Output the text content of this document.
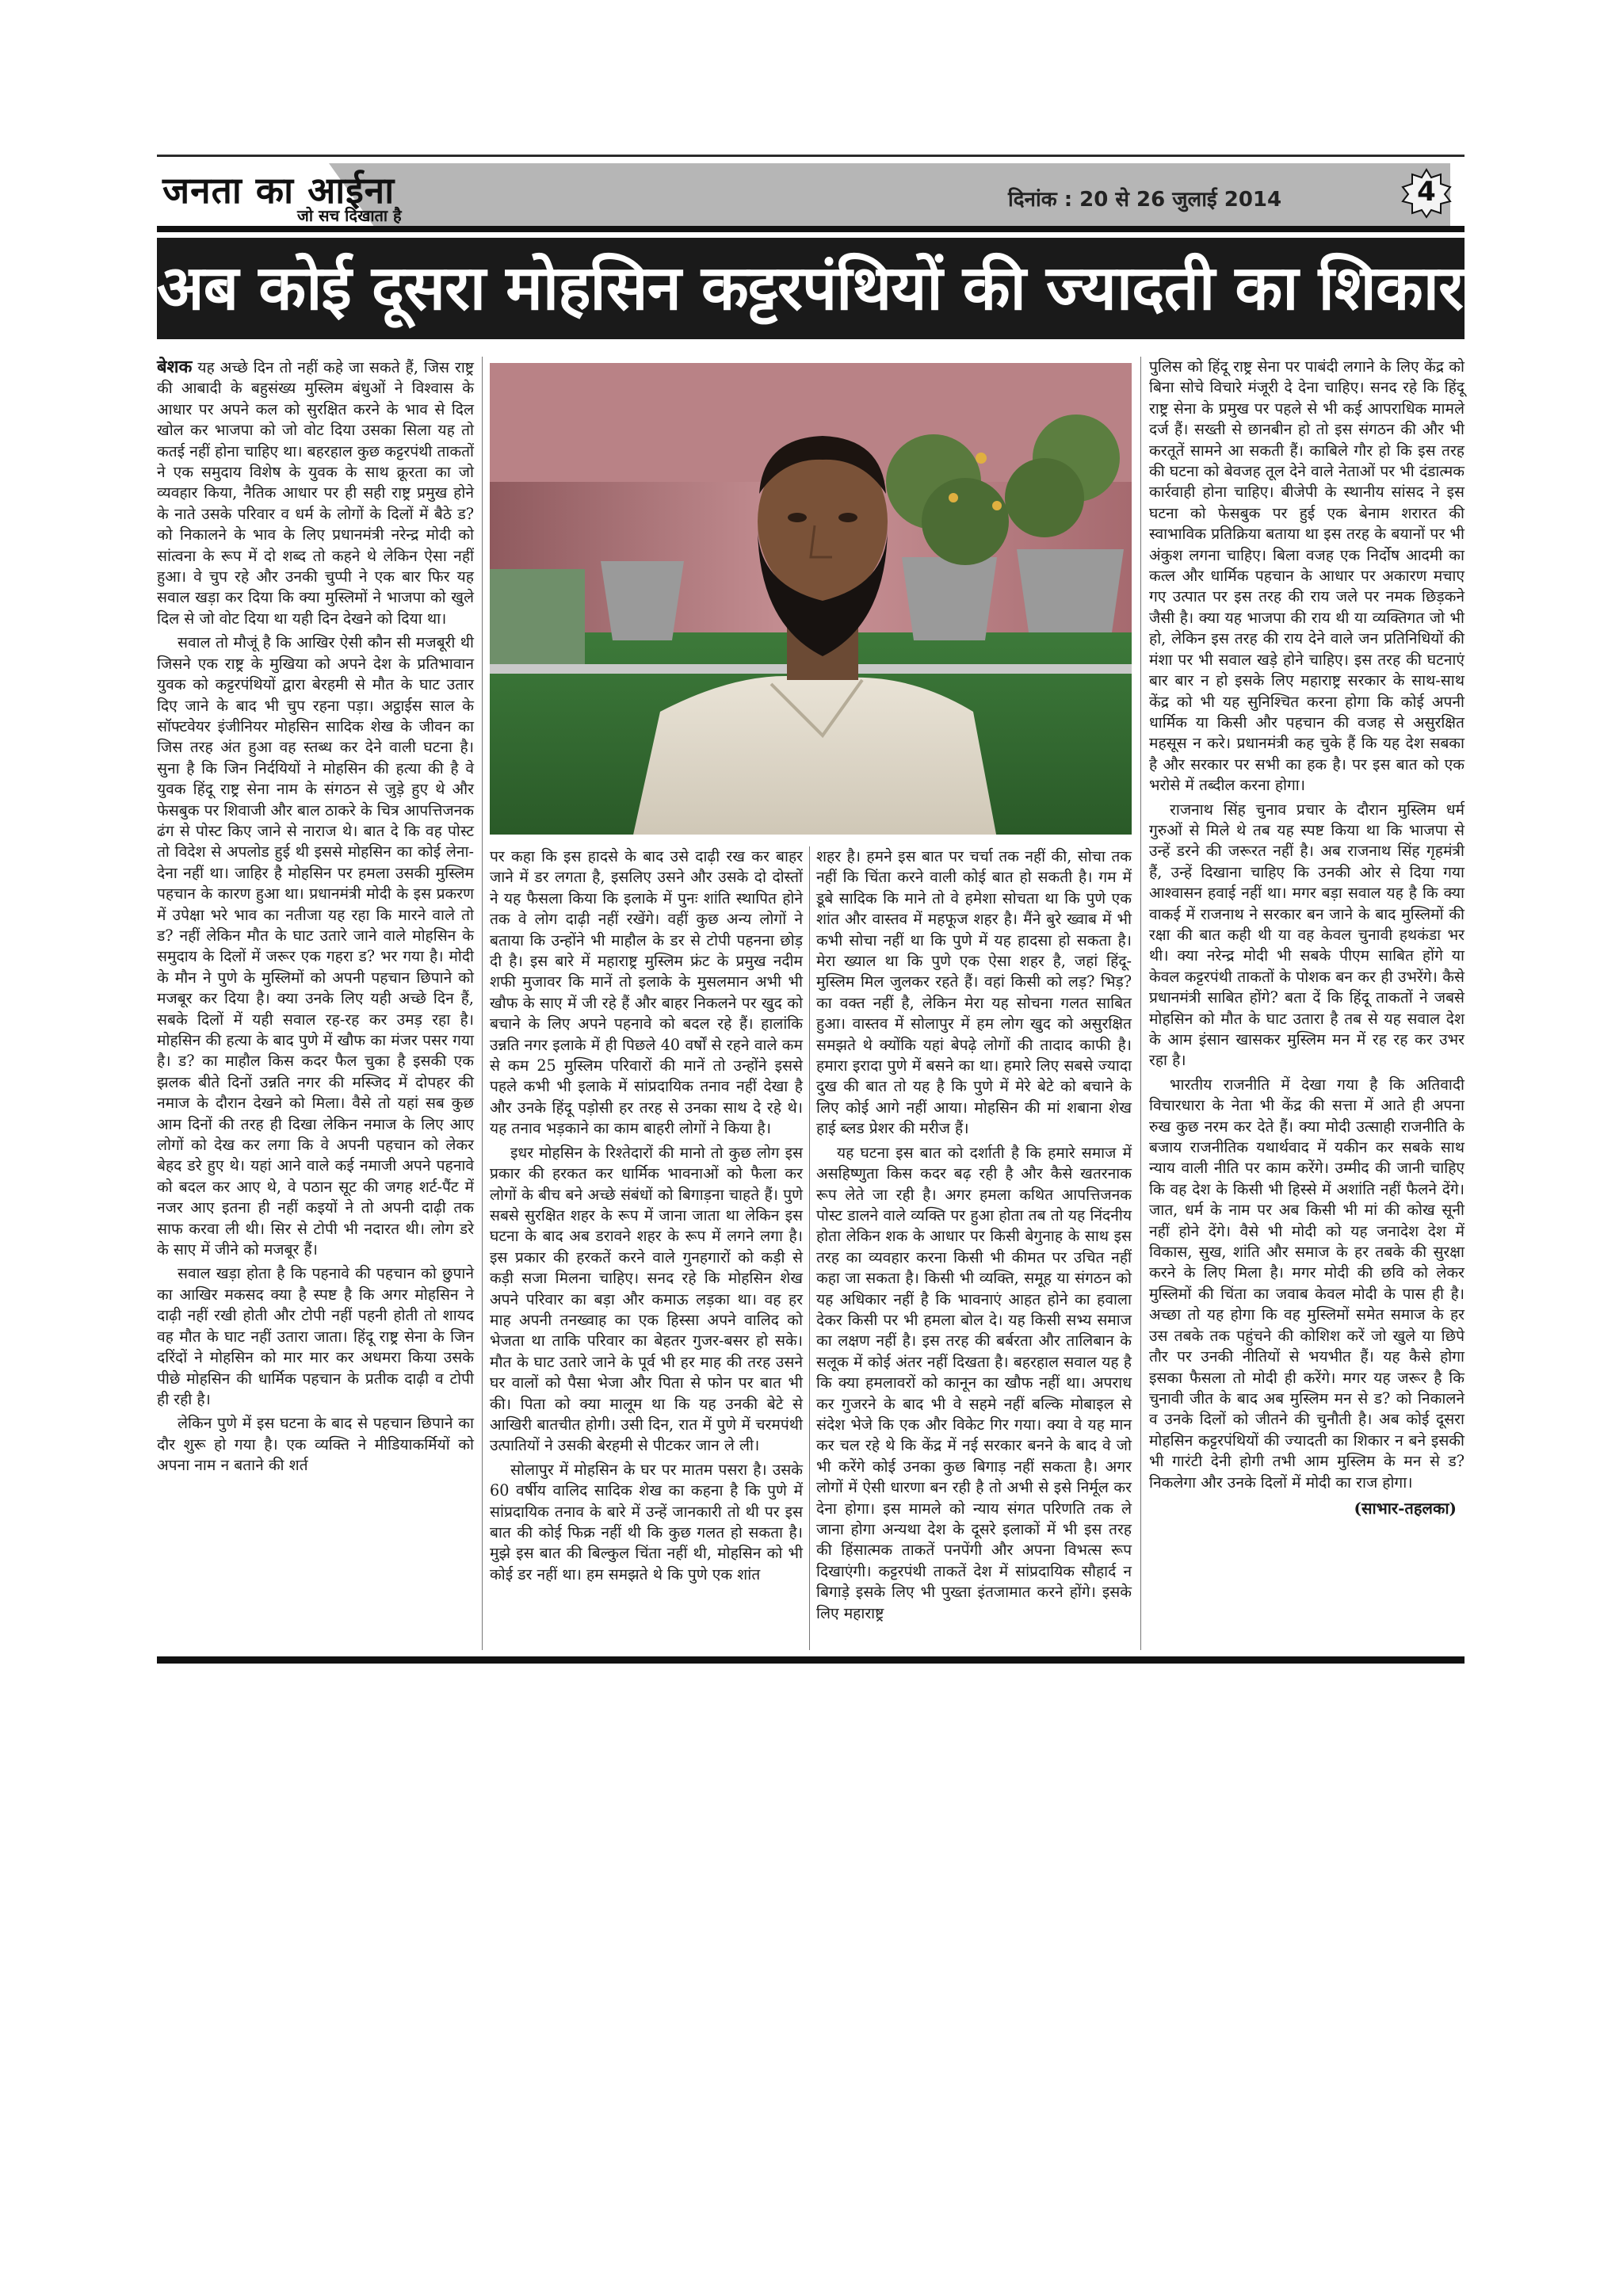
जनता का आईना
जो सच दिखाता है
दिनांक : 20 से 26 जुलाई 2014	4
अब कोई दूसरा मोहसिन कट्टरपंथियों की ज्यादती का शिकार न बने

बेशक यह अच्छे दिन तो नहीं कहे जा सकते हैं, जिस राष्ट्र की आबादी के बहुसंख्य मुस्लिम बंधुओं ने विश्वास के आधार पर अपने कल को सुरक्षित करने के भाव से दिल खोल कर भाजपा को जो वोट दिया उसका सिला यह तो कतई नहीं होना चाहिए था। बहरहाल कुछ कट्टरपंथी ताकतों ने एक समुदाय विशेष के युवक के साथ क्रूरता का जो व्यवहार किया, नैतिक आधार पर ही सही राष्ट्र प्रमुख होने के नाते उसके परिवार व धर्म के लोगों के दिलों में बैठे ड? को निकालने के भाव के लिए प्रधानमंत्री नरेन्द्र मोदी को सांत्वना के रूप में दो शब्द तो कहने थे लेकिन ऐसा नहीं हुआ। वे चुप रहे और उनकी चुप्पी ने एक बार फिर यह सवाल खड़ा कर दिया कि क्या मुस्लिमों ने भाजपा को खुले दिल से जो वोट दिया था यही दिन देखने को दिया था।

सवाल तो मौजूं है कि आखिर ऐसी कौन सी मजबूरी थी जिसने एक राष्ट्र के मुखिया को अपने देश के प्रतिभावान युवक को कट्टरपंथियों द्वारा बेरहमी से मौत के घाट उतार दिए जाने के बाद भी चुप रहना पड़ा। अट्ठाईस साल के सॉफ्टवेयर इंजीनियर मोहसिन सादिक शेख के जीवन का जिस तरह अंत हुआ वह स्तब्ध कर देने वाली घटना है। सुना है कि जिन निर्दयियों ने मोहसिन की हत्या की है वे युवक हिंदू राष्ट्र सेना नाम के संगठन से जुड़े हुए थे और फेसबुक पर शिवाजी और बाल ठाकरे के चित्र आपत्तिजनक ढंग से पोस्ट किए जाने से नाराज थे। बात दे कि वह पोस्ट तो विदेश से अपलोड हुई थी इससे मोहसिन का कोई लेना-देना नहीं था। जाहिर है मोहसिन पर हमला उसकी मुस्लिम पहचान के कारण हुआ था। प्रधानमंत्री मोदी के इस प्रकरण में उपेक्षा भरे भाव का नतीजा यह रहा कि मारने वाले तो ड? नहीं लेकिन मौत के घाट उतारे जाने वाले मोहसिन के समुदाय के दिलों में जरूर एक गहरा ड? भर गया है। मोदी के मौन ने पुणे के मुस्लिमों को अपनी पहचान छिपाने को मजबूर कर दिया है। क्या उनके लिए यही अच्छे दिन हैं, सबके दिलों में यही सवाल रह-रह कर उमड़ रहा है। मोहसिन की हत्या के बाद पुणे में खौफ का मंजर पसर गया है। ड? का माहौल किस कदर फैल चुका है इसकी एक झलक बीते दिनों उन्नति नगर की मस्जिद में दोपहर की नमाज के दौरान देखने को मिला। वैसे तो यहां सब कुछ आम दिनों की तरह ही दिखा लेकिन नमाज के लिए आए लोगों को देख कर लगा कि वे अपनी पहचान को लेकर बेहद डरे हुए थे। यहां आने वाले कई नमाजी अपने पहनावे को बदल कर आए थे, वे पठान सूट की जगह शर्ट-पैंट में नजर आए इतना ही नहीं कइयों ने तो अपनी दाढ़ी तक साफ करवा ली थी। सिर से टोपी भी नदारत थी। लोग डरे के साए में जीने को मजबूर हैं।

सवाल खड़ा होता है कि पहनावे की पहचान को छुपाने का आखिर मकसद क्या है स्पष्ट है कि अगर मोहसिन ने दाढ़ी नहीं रखी होती और टोपी नहीं पहनी होती तो शायद वह मौत के घाट नहीं उतारा जाता। हिंदू राष्ट्र सेना के जिन दरिंदों ने मोहसिन को मार मार कर अधमरा किया उसके पीछे मोहसिन की धार्मिक पहचान के प्रतीक दाढ़ी व टोपी ही रही है।

लेकिन पुणे में इस घटना के बाद से पहचान छिपाने का दौर शुरू हो गया है। एक व्यक्ति ने मीडियाकर्मियों को अपना नाम न बताने की शर्त

पर कहा कि इस हादसे के बाद उसे दाढ़ी रख कर बाहर जाने में डर लगता है, इसलिए उसने और उसके दो दोस्तों ने यह फैसला किया कि इलाके में पुनः शांति स्थापित होने तक वे लोग दाढ़ी नहीं रखेंगे। वहीं कुछ अन्य लोगों ने बताया कि उन्होंने भी माहौल के डर से टोपी पहनना छोड़ दी है। इस बारे में महाराष्ट्र मुस्लिम फ्रंट के प्रमुख नदीम शफी मुजावर कि मानें तो इलाके के मुसलमान अभी भी खौफ के साए में जी रहे हैं और बाहर निकलने पर खुद को बचाने के लिए अपने पहनावे को बदल रहे हैं। हालांकि उन्नति नगर इलाके में ही पिछले 40 वर्षों से रहने वाले कम से कम 25 मुस्लिम परिवारों की मानें तो उन्होंने इससे पहले कभी भी इलाके में सांप्रदायिक तनाव नहीं देखा है और उनके हिंदू पड़ोसी हर तरह से उनका साथ दे रहे थे। यह तनाव भड़काने का काम बाहरी लोगों ने किया है।

इधर मोहसिन के रिश्तेदारों की मानो तो कुछ लोग इस प्रकार की हरकत कर धार्मिक भावनाओं को फैला कर लोगों के बीच बने अच्छे संबंधों को बिगाड़ना चाहते हैं। पुणे सबसे सुरक्षित शहर के रूप में जाना जाता था लेकिन इस घटना के बाद अब डरावने शहर के रूप में लगने लगा है। इस प्रकार की हरकतें करने वाले गुनहगारों को कड़ी से कड़ी सजा मिलना चाहिए। सनद रहे कि मोहसिन शेख अपने परिवार का बड़ा और कमाऊ लड़का था। वह हर माह अपनी तनख्वाह का एक हिस्सा अपने वालिद को भेजता था ताकि परिवार का बेहतर गुजर-बसर हो सके। मौत के घाट उतारे जाने के पूर्व भी हर माह की तरह उसने घर वालों को पैसा भेजा और पिता से फोन पर बात भी की। पिता को क्या मालूम था कि यह उनकी बेटे से आखिरी बातचीत होगी। उसी दिन, रात में पुणे में चरमपंथी उत्पातियों ने उसकी बेरहमी से पीटकर जान ले ली।

सोलापुर में मोहसिन के घर पर मातम पसरा है। उसके 60 वर्षीय वालिद सादिक शेख का कहना है कि पुणे में सांप्रदायिक तनाव के बारे में उन्हें जानकारी तो थी पर इस बात की कोई फिक्र नहीं थी कि कुछ गलत हो सकता है। मुझे इस बात की बिल्कुल चिंता नहीं थी, मोहसिन को भी कोई डर नहीं था। हम समझते थे कि पुणे एक शांत

शहर है। हमने इस बात पर चर्चा तक नहीं की, सोचा तक नहीं कि चिंता करने वाली कोई बात हो सकती है। गम में डूबे सादिक कि माने तो वे हमेशा सोचता था कि पुणे एक शांत और वास्तव में महफूज शहर है। मैंने बुरे ख्वाब में भी कभी सोचा नहीं था कि पुणे में यह हादसा हो सकता है। मेरा ख्याल था कि पुणे एक ऐसा शहर है, जहां हिंदू-मुस्लिम मिल जुलकर रहते हैं। वहां किसी को लड़? भिड़? का वक्त नहीं है, लेकिन मेरा यह सोचना गलत साबित हुआ। वास्तव में सोलापुर में हम लोग खुद को असुरक्षित समझते थे क्योंकि यहां बेपढ़े लोगों की तादाद काफी है। हमारा इरादा पुणे में बसने का था। हमारे लिए सबसे ज्यादा दुख की बात तो यह है कि पुणे में मेरे बेटे को बचाने के लिए कोई आगे नहीं आया। मोहसिन की मां शबाना शेख हाई ब्लड प्रेशर की मरीज हैं।

यह घटना इस बात को दर्शाती है कि हमारे समाज में असहिष्णुता किस कदर बढ़ रही है और कैसे खतरनाक रूप लेते जा रही है। अगर हमला कथित आपत्तिजनक पोस्ट डालने वाले व्यक्ति पर हुआ होता तब तो यह निंदनीय होता लेकिन शक के आधार पर किसी बेगुनाह के साथ इस तरह का व्यवहार करना किसी भी कीमत पर उचित नहीं कहा जा सकता है। किसी भी व्यक्ति, समूह या संगठन को यह अधिकार नहीं है कि भावनाएं आहत होने का हवाला देकर किसी पर भी हमला बोल दे। यह किसी सभ्य समाज का लक्षण नहीं है। इस तरह की बर्बरता और तालिबान के सलूक में कोई अंतर नहीं दिखता है। बहरहाल सवाल यह है कि क्या हमलावरों को कानून का खौफ नहीं था। अपराध कर गुजरने के बाद भी वे सहमे नहीं बल्कि मोबाइल से संदेश भेजे कि एक और विकेट गिर गया। क्या वे यह मान कर चल रहे थे कि केंद्र में नई सरकार बनने के बाद वे जो भी करेंगे कोई उनका कुछ बिगाड़ नहीं सकता है। अगर लोगों में ऐसी धारणा बन रही है तो अभी से इसे निर्मूल कर देना होगा। इस मामले को न्याय संगत परिणति तक ले जाना होगा अन्यथा देश के दूसरे इलाकों में भी इस तरह की हिंसात्मक ताकतें पनपेंगी और अपना विभत्स रूप दिखाएंगी। कट्टरपंथी ताकतें देश में सांप्रदायिक सौहार्द न बिगाड़े इसके लिए भी पुख्ता इंतजामात करने होंगे। इसके लिए महाराष्ट्र

पुलिस को हिंदू राष्ट्र सेना पर पाबंदी लगाने के लिए केंद्र को बिना सोचे विचारे मंजूरी दे देना चाहिए। सनद रहे कि हिंदू राष्ट्र सेना के प्रमुख पर पहले से भी कई आपराधिक मामले दर्ज हैं। सख्ती से छानबीन हो तो इस संगठन की और भी करतूतें सामने आ सकती हैं। काबिले गौर हो कि इस तरह की घटना को बेवजह तूल देने वाले नेताओं पर भी दंडात्मक कार्रवाही होना चाहिए। बीजेपी के स्थानीय सांसद ने इस घटना को फेसबुक पर हुई एक बेनाम शरारत की स्वाभाविक प्रतिक्रिया बताया था इस तरह के बयानों पर भी अंकुश लगना चाहिए। बिला वजह एक निर्दोष आदमी का कत्ल और धार्मिक पहचान के आधार पर अकारण मचाए गए उत्पात पर इस तरह की राय जले पर नमक छिड़कने जैसी है। क्या यह भाजपा की राय थी या व्यक्तिगत जो भी हो, लेकिन इस तरह की राय देने वाले जन प्रतिनिधियों की मंशा पर भी सवाल खड़े होने चाहिए। इस तरह की घटनाएं बार बार न हो इसके लिए महाराष्ट्र सरकार के साथ-साथ केंद्र को भी यह सुनिश्चित करना होगा कि कोई अपनी धार्मिक या किसी और पहचान की वजह से असुरक्षित महसूस न करे। प्रधानमंत्री कह चुके हैं कि यह देश सबका है और सरकार पर सभी का हक है। पर इस बात को एक भरोसे में तब्दील करना होगा।

राजनाथ सिंह चुनाव प्रचार के दौरान मुस्लिम धर्म गुरुओं से मिले थे तब यह स्पष्ट किया था कि भाजपा से उन्हें डरने की जरूरत नहीं है। अब राजनाथ सिंह गृहमंत्री हैं, उन्हें दिखाना चाहिए कि उनकी ओर से दिया गया आश्वासन हवाई नहीं था। मगर बड़ा सवाल यह है कि क्या वाकई में राजनाथ ने सरकार बन जाने के बाद मुस्लिमों की रक्षा की बात कही थी या वह केवल चुनावी हथकंडा भर थी। क्या नरेन्द्र मोदी भी सबके पीएम साबित होंगे या केवल कट्टरपंथी ताकतों के पोशक बन कर ही उभरेंगे। कैसे प्रधानमंत्री साबित होंगे? बता दें कि हिंदू ताकतों ने जबसे मोहसिन को मौत के घाट उतारा है तब से यह सवाल देश के आम इंसान खासकर मुस्लिम मन में रह रह कर उभर रहा है।

भारतीय राजनीति में देखा गया है कि अतिवादी विचारधारा के नेता भी केंद्र की सत्ता में आते ही अपना रुख कुछ नरम कर देते हैं। क्या मोदी उत्साही राजनीति के बजाय राजनीतिक यथार्थवाद में यकीन कर सबके साथ न्याय वाली नीति पर काम करेंगे। उम्मीद की जानी चाहिए कि वह देश के किसी भी हिस्से में अशांति नहीं फैलने देंगे। जात, धर्म के नाम पर अब किसी भी मां की कोख सूनी नहीं होने देंगे। वैसे भी मोदी को यह जनादेश देश में विकास, सुख, शांति और समाज के हर तबके की सुरक्षा करने के लिए मिला है। मगर मोदी की छवि को लेकर मुस्लिमों की चिंता का जवाब केवल मोदी के पास ही है। अच्छा तो यह होगा कि वह मुस्लिमों समेत समाज के हर उस तबके तक पहुंचने की कोशिश करें जो खुले या छिपे तौर पर उनकी नीतियों से भयभीत हैं। यह कैसे होगा इसका फैसला तो मोदी ही करेंगे। मगर यह जरूर है कि चुनावी जीत के बाद अब मुस्लिम मन से ड? को निकालने व उनके दिलों को जीतने की चुनौती है। अब कोई दूसरा मोहसिन कट्टरपंथियों की ज्यादती का शिकार न बने इसकी भी गारंटी देनी होगी तभी आम मुस्लिम के मन से ड? निकलेगा और उनके दिलों में मोदी का राज होगा।

(साभार-तहलका)
